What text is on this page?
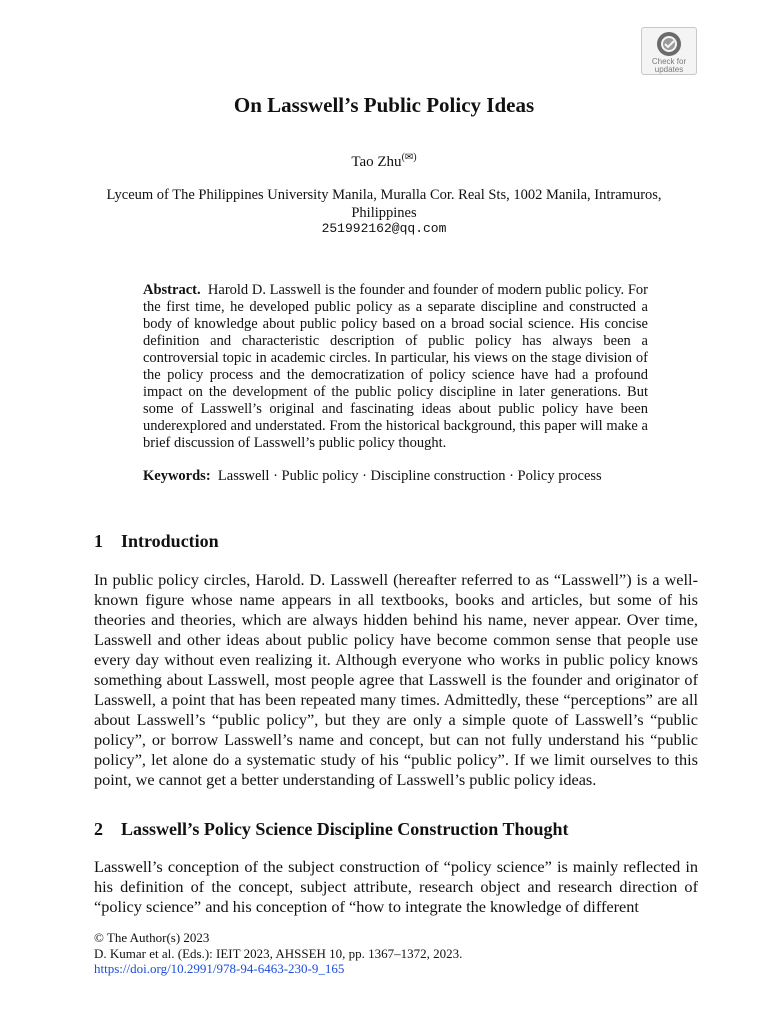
Check for
updates
On Lasswell’s Public Policy Ideas
Tao Zhu(✉)
Lyceum of The Philippines University Manila, Muralla Cor. Real Sts, 1002 Manila, Intramuros,
Philippines
251992162@qq.com

Abstract. Harold D. Lasswell is the founder and founder of modern public policy. For the first time, he developed public policy as a separate discipline and constructed a body of knowledge about public policy based on a broad social science. His concise definition and characteristic description of public policy has always been a controversial topic in academic circles. In particular, his views on the stage division of the policy process and the democratization of policy science have had a profound impact on the development of the public policy discipline in later generations. But some of Lasswell’s original and fascinating ideas about public policy have been underexplored and understated. From the historical background, this paper will make a brief discussion of Lasswell’s public policy thought.

Keywords: Lasswell · Public policy · Discipline construction · Policy process

1 Introduction

In public policy circles, Harold. D. Lasswell (hereafter referred to as “Lasswell”) is a well-known figure whose name appears in all textbooks, books and articles, but some of his theories and theories, which are always hidden behind his name, never appear. Over time, Lasswell and other ideas about public policy have become common sense that people use every day without even realizing it. Although everyone who works in public policy knows something about Lasswell, most people agree that Lasswell is the founder and originator of Lasswell, a point that has been repeated many times. Admittedly, these “perceptions” are all about Lasswell’s “public policy”, but they are only a simple quote of Lasswell’s “public policy”, or borrow Lasswell’s name and concept, but can not fully understand his “public policy”, let alone do a systematic study of his “public policy”. If we limit ourselves to this point, we cannot get a better understanding of Lasswell’s public policy ideas.

2 Lasswell’s Policy Science Discipline Construction Thought

Lasswell’s conception of the subject construction of “policy science” is mainly reflected in his definition of the concept, subject attribute, research object and research direction of “policy science” and his conception of “how to integrate the knowledge of different

© The Author(s) 2023
D. Kumar et al. (Eds.): IEIT 2023, AHSSEH 10, pp. 1367–1372, 2023.
https://doi.org/10.2991/978-94-6463-230-9_165
